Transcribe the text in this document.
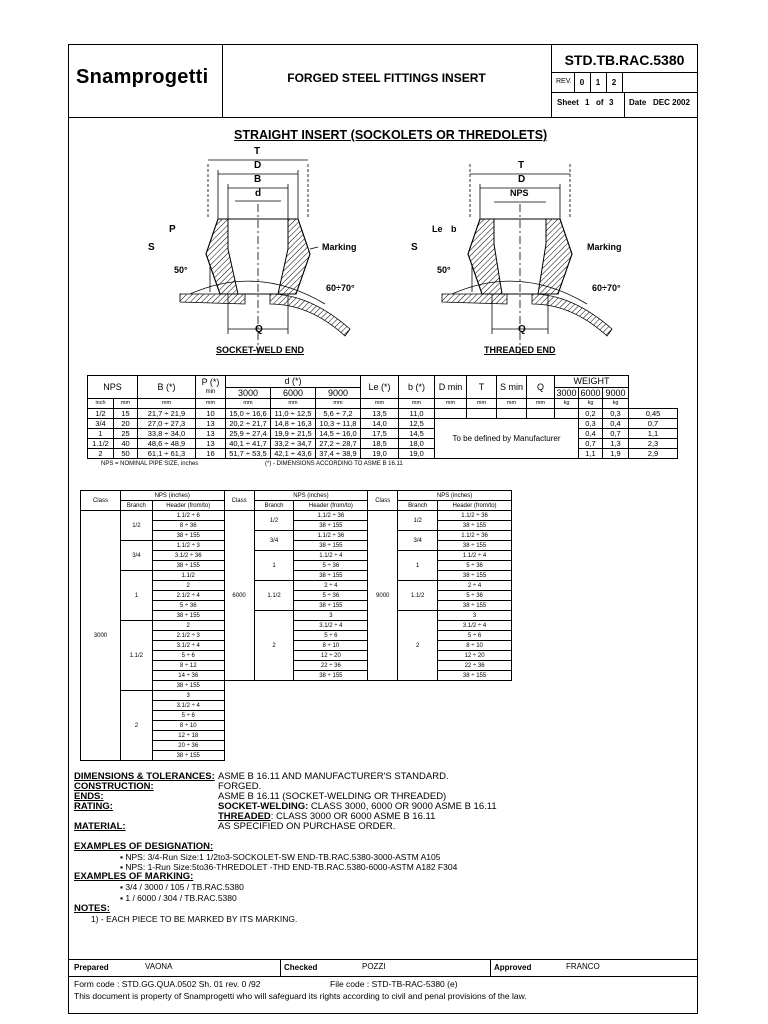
Snamprogetti	FORGED STEEL FITTINGS INSERT
STD.TB.RAC.5380
REV.	0	1	2
Sheet 1 of 3 Date DEC 2002
STRAIGHT INSERT (SOCKOLETS OR THREDOLETS)
T
D
B
d
P
S	Marking
50°
60÷70°
Q
SOCKET-WELD END
T
D
NPS
Le b
S	Marking
50°
60÷70°
Q
THREADED END
NPS		B (*)	P (*)
min	d (*)			Le (*)	b (*)	D min	T	S min	Q	WEIGHT			
				3000	6000	9000							3000	6000	9000	
inch	mm	mm	mm	mm	mm	mm	mm	mm	mm	mm	mm	mm	kg	kg	kg	
1/2	15	21,7 ÷ 21,9	10	15,0 ÷ 16,6	11,0 ÷ 12,5	5,6 ÷ 7,2	13,5	11,0						0,2	0,3	0,45
3/4	20	27,0 ÷ 27,3	13	20,2 ÷ 21,7	14,8 ÷ 16,3	10,3 ÷ 11,8	14,0	12,5	To be defined by Manufacturer					0,3	0,4	0,7
1	25	33,8 ÷ 34,0	13	25,9 ÷ 27,4	19,9 ÷ 21,5	14,5 ÷ 16,0	17,5	14,5						0,4	0,7	1,1
1.1/2	40	48,6 ÷ 48,9	13	40,1 ÷ 41,7	33,2 ÷ 34,7	27,2 ÷ 28,7	18,5	18,0						0,7	1,3	2,3
2	50	61,1 ÷ 61,3	16	51,7 ÷ 53,5	42,1 ÷ 43,6	37,4 ÷ 38,9	19,0	19,0						1,1	1,9	2,9
NPS = NOMINAL PIPE SIZE, inches	(*) - DIMENSIONS ACCORDING TO ASME B 16.11
Class	NPS (inches)		Class	NPS (inches)		Class	NPS (inches)	
	Branch	Header (from/to)		Branch	Header (from/to)		Branch	Header (from/to)
3000	1/2	1.1/2 ÷ 6	6000	1/2	1.1/2 ÷ 36	9000	1/2	1.1/2 ÷ 36
		8 ÷ 36			38 ÷ 155			38 ÷ 155
		38 ÷ 155		3/4	1.1/2 ÷ 36		3/4	1.1/2 ÷ 36
	3/4	1.1/2 ÷ 3			38 ÷ 155			38 ÷ 155
		3.1/2 ÷ 36		1	1.1/2 ÷ 4		1	1.1/2 ÷ 4
		38 ÷ 155			5 ÷ 36			5 ÷ 36
	1	1.1/2			38 ÷ 155			38 ÷ 155
		2		1.1/2	2 ÷ 4		1.1/2	2 ÷ 4
		2.1/2 ÷ 4			5 ÷ 36			5 ÷ 36
		5 ÷ 36			38 ÷ 155			38 ÷ 155
		38 ÷ 155		2	3		2	3
	1.1/2	2			3.1/2 ÷ 4			3.1/2 ÷ 4
		2.1/2 ÷ 3			5 ÷ 6			5 ÷ 6
		3.1/2 ÷ 4			8 ÷ 10			8 ÷ 10
		5 ÷ 6			12 ÷ 20			12 ÷ 20
		8 ÷ 12			22 ÷ 36			22 ÷ 36
		14 ÷ 36			38 ÷ 155			38 ÷ 155
		38 ÷ 155						
	2	3						
		3.1/2 ÷ 4						
		5 ÷ 6						
		8 ÷ 10						
		12 ÷ 18						
		20 ÷ 36						
		38 ÷ 155						
DIMENSIONS & TOLERANCES: ASME B 16.11 AND MANUFACTURER'S STANDARD.
CONSTRUCTION:	FORGED.
ENDS:	ASME B 16.11 (SOCKET-WELDING OR THREADED)
RATING:	SOCKET-WELDING: CLASS 3000, 6000 OR 9000 ASME B 16.11
THREADED: CLASS 3000 OR 6000 ASME B 16.11
MATERIAL:	AS SPECIFIED ON PURCHASE ORDER.
EXAMPLES OF DESIGNATION:
▪ NPS: 3/4-Run Size:1 1/2to3-SOCKOLET-SW END-TB.RAC.5380-3000-ASTM A105
▪ NPS: 1-Run Size:5to36-THREDOLET -THD END-TB.RAC.5380-6000-ASTM A182 F304
EXAMPLES OF MARKING:
▪ 3/4 / 3000 / 105 / TB.RAC.5380
▪ 1 / 6000 / 304 / TB.RAC.5380
NOTES:
1) - EACH PIECE TO BE MARKED BY ITS MARKING.
Prepared	VAONA	Checked	POZZI	Approved	FRANCO
Form code : STD.GG.QUA.0502 Sh. 01 rev. 0 /92	File code : STD-TB-RAC-5380 (e)
This document is property of Snamprogetti who will safeguard its rights according to civil and penal provisions of the law.
